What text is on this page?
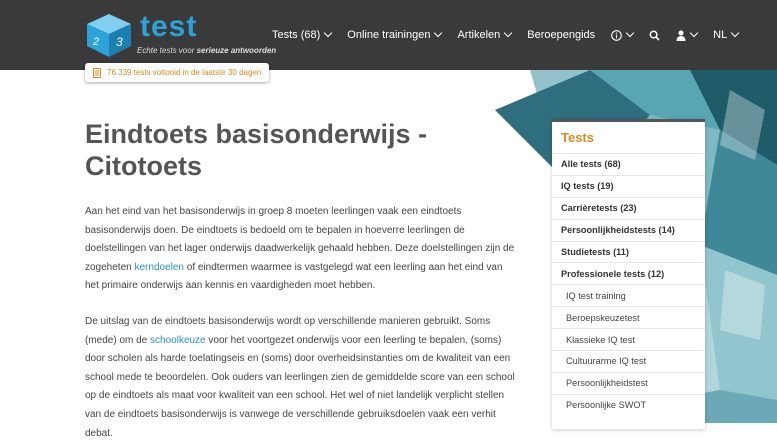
2 3 test
Echte tests voor serieuze antwoorden
Tests (68) Online trainingen Artikelen Beroepengids	NL
76.339 tests voltooid in de laatste 30 dagen
Eindtoets basisonderwijs -
Citotoets

Aan het eind van het basisonderwijs in groep 8 moeten leerlingen vaak een eindtoets basisonderwijs doen. De eindtoets is bedoeld om te bepalen in hoeverre leerlingen de doelstellingen van het lager onderwijs daadwerkelijk gehaald hebben. Deze doelstellingen zijn de zogeheten kerndoelen of eindtermen waarmee is vastgelegd wat een leerling aan het eind van het primaire onderwijs aan kennis en vaardigheden moet hebben.

De uitslag van de eindtoets basisonderwijs wordt op verschillende manieren gebruikt. Soms (mede) om de schoolkeuze voor het voortgezet onderwijs voor een leerling te bepalen, (soms) door scholen als harde toelatingseis en (soms) door overheidsinstanties om de kwaliteit van een school mede te beoordelen. Ook ouders van leerlingen zien de gemiddelde score van een school op de eindtoets als maat voor kwaliteit van een school. Het wel of niet landelijk verplicht stellen van de eindtoets basisonderwijs is vanwege de verschillende gebruiksdoelen vaak een verhit debat.

Tests
Alle tests (68)
IQ tests (19)
Carrièretests (23)
Persoonlijkheidstests (14)
Studietests (11)
Professionele tests (12)
IQ test training
Beroepskeuzetest
Klassieke IQ test
Cultuurarme IQ test
Persoonlijkheidstest
Persoonlijke SWOT
